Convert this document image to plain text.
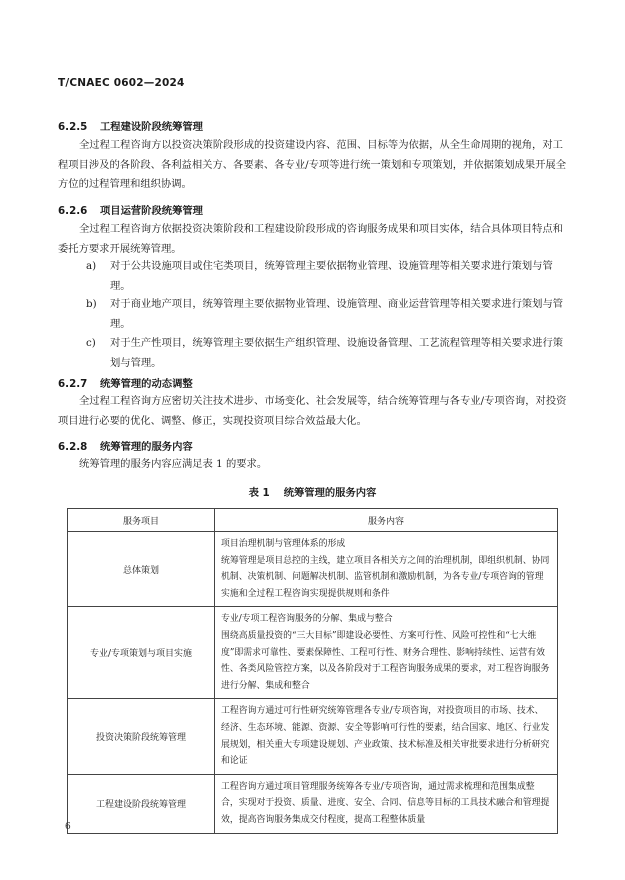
T/CNAEC 0602—2024
6.2.5 工程建设阶段统筹管理
全过程工程咨询方以投资决策阶段形成的投资建设内容、范围、目标等为依据，从全生命周期的视角，对工程项目涉及的各阶段、各利益相关方、各要素、各专业/专项等进行统一策划和专项策划，并依据策划成果开展全方位的过程管理和组织协调。
6.2.6 项目运营阶段统筹管理
全过程工程咨询方依据投资决策阶段和工程建设阶段形成的咨询服务成果和项目实体，结合具体项目特点和委托方要求开展统筹管理。
a)	对于公共设施项目或住宅类项目，统筹管理主要依据物业管理、设施管理等相关要求进行策划与管理。
b)	对于商业地产项目，统筹管理主要依据物业管理、设施管理、商业运营管理等相关要求进行策划与管理。
c)	对于生产性项目，统筹管理主要依据生产组织管理、设施设备管理、工艺流程管理等相关要求进行策划与管理。
6.2.7 统筹管理的动态调整
全过程工程咨询方应密切关注技术进步、市场变化、社会发展等，结合统筹管理与各专业/专项咨询，对投资项目进行必要的优化、调整、修正，实现投资项目综合效益最大化。
6.2.8 统筹管理的服务内容
统筹管理的服务内容应满足表 1 的要求。
表 1 统筹管理的服务内容
服务项目	服务内容
总体策划	项目治理机制与管理体系的形成
统筹管理是项目总控的主线，建立项目各相关方之间的治理机制，即组织机制、协同机制、决策机制、问题解决机制、监管机制和激励机制，为各专业/专项咨询的管理实施和全过程工程咨询实现提供规则和条件

专业/专项策划与项目实施	专业/专项工程咨询服务的分解、集成与整合
围绕高质量投资的“三大目标”即建设必要性、方案可行性、风险可控性和“七大维度”即需求可靠性、要素保障性、工程可行性、财务合理性、影响持续性、运营有效性、各类风险管控方案，以及各阶段对于工程咨询服务成果的要求，对工程咨询服务进行分解、集成和整合

投资决策阶段统筹管理	工程咨询方通过可行性研究统筹管理各专业/专项咨询，对投资项目的市场、技术、经济、生态环境、能源、资源、安全等影响可行性的要素，结合国家、地区、行业发展规划，相关重大专项建设规划、产业政策、技术标准及相关审批要求进行分析研究和论证

工程建设阶段统筹管理	工程咨询方通过项目管理服务统筹各专业/专项咨询，通过需求梳理和范围集成整合，实现对于投资、质量、进度、安全、合同、信息等目标的工具技术融合和管理提效，提高咨询服务集成交付程度，提高工程整体质量
6
